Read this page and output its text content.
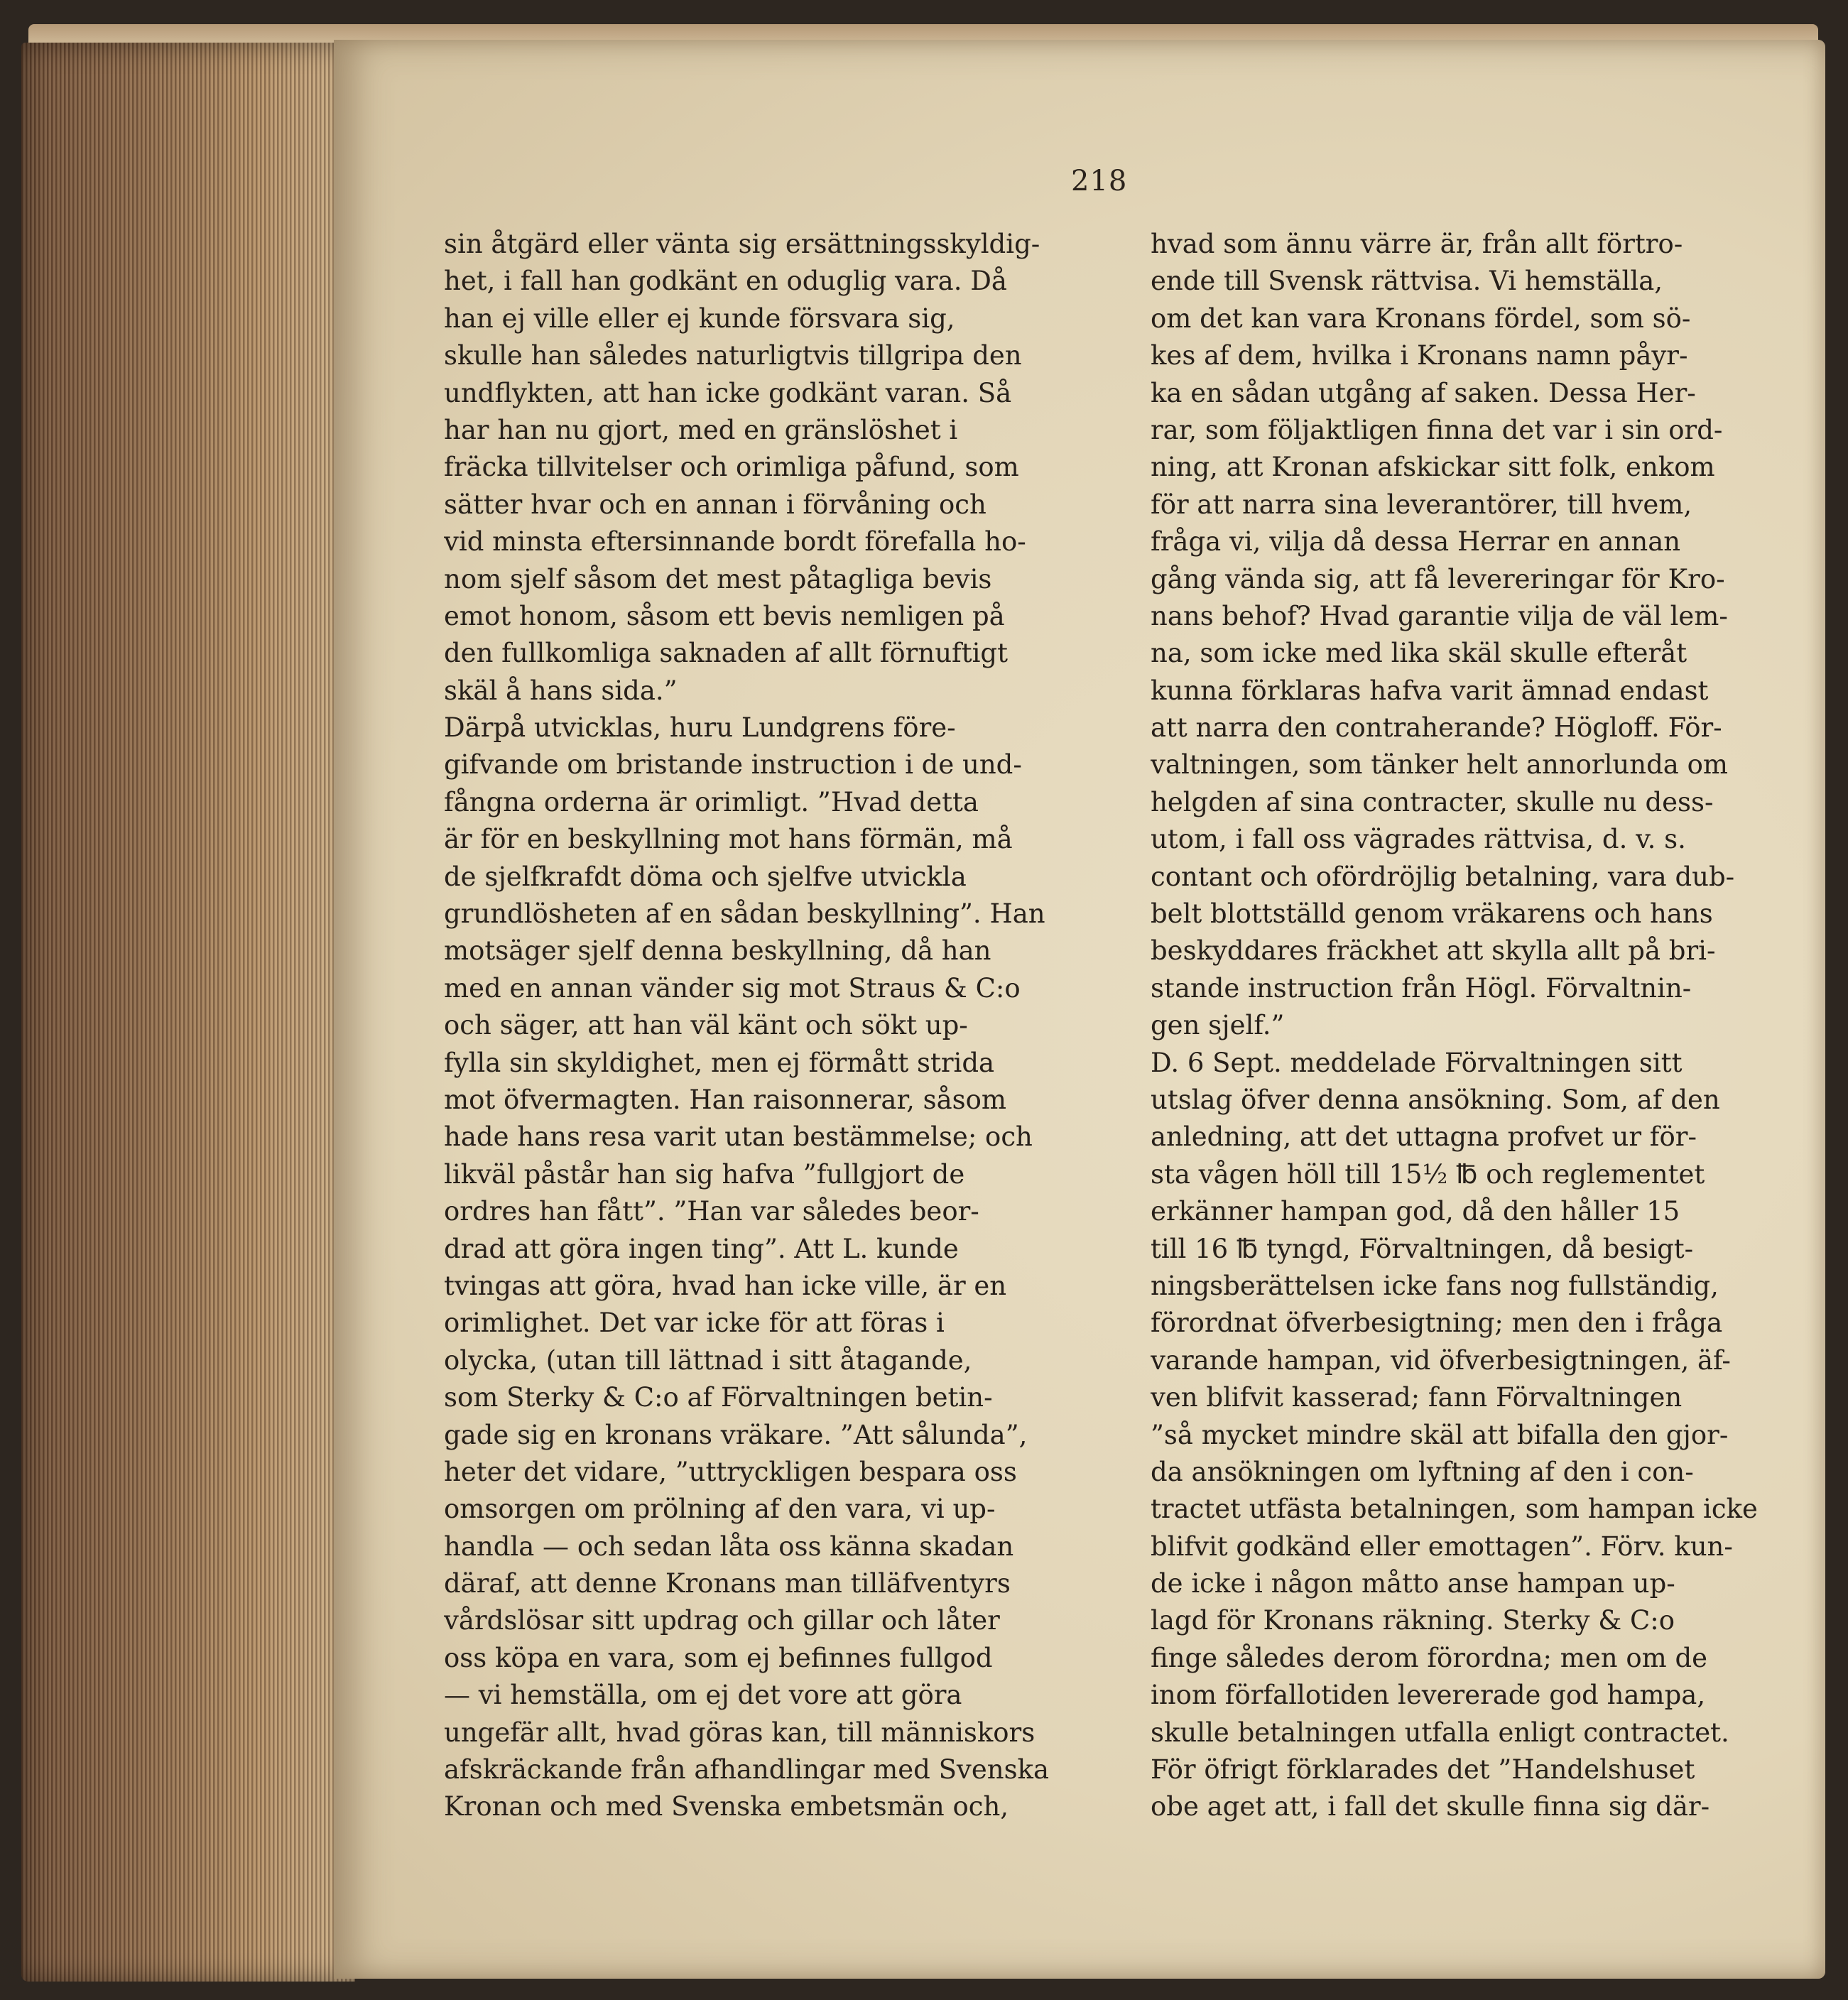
218
sin åtgärd eller vänta sig ersättningsskyldig-
het, i fall han godkänt en oduglig vara. Då
han ej ville eller ej kunde försvara sig,
skulle han således naturligtvis tillgripa den
undflykten, att han icke godkänt varan. Så
har han nu gjort, med en gränslöshet i
fräcka tillvitelser och orimliga påfund, som
sätter hvar och en annan i förvåning och
vid minsta eftersinnande bordt förefalla ho-
nom sjelf såsom det mest påtagliga bevis
emot honom, såsom ett bevis nemligen på
den fullkomliga saknaden af allt förnuftigt
skäl å hans sida.”
Därpå utvicklas, huru Lundgrens före-
gifvande om bristande instruction i de und-
fångna orderna är orimligt. ”Hvad detta
är för en beskyllning mot hans förmän, må
de sjelfkrafdt döma och sjelfve utvickla
grundlösheten af en sådan beskyllning”. Han
motsäger sjelf denna beskyllning, då han
med en annan vänder sig mot Straus & C:o
och säger, att han väl känt och sökt up-
fylla sin skyldighet, men ej förmått strida
mot öfvermagten. Han raisonnerar, såsom
hade hans resa varit utan bestämmelse; och
likväl påstår han sig hafva ”fullgjort de
ordres han fått”. ”Han var således beor-
drad att göra ingen ting”. Att L. kunde
tvingas att göra, hvad han icke ville, är en
orimlighet. Det var icke för att föras i
olycka, (utan till lättnad i sitt åtagande,
som Sterky & C:o af Förvaltningen betin-
gade sig en kronans vräkare. ”Att sålunda”,
heter det vidare, ”uttryckligen bespara oss
omsorgen om prölning af den vara, vi up-
handla — och sedan låta oss känna skadan
däraf, att denne Kronans man tilläfventyrs
vårdslösar sitt updrag och gillar och låter
oss köpa en vara, som ej befinnes fullgod
— vi hemställa, om ej det vore att göra
ungefär allt, hvad göras kan, till människors
afskräckande från afhandlingar med Svenska
Kronan och med Svenska embetsmän och,
hvad som ännu värre är, från allt förtro-
ende till Svensk rättvisa. Vi hemställa,
om det kan vara Kronans fördel, som sö-
kes af dem, hvilka i Kronans namn påyr-
ka en sådan utgång af saken. Dessa Her-
rar, som följaktligen finna det var i sin ord-
ning, att Kronan afskickar sitt folk, enkom
för att narra sina leverantörer, till hvem,
fråga vi, vilja då dessa Herrar en annan
gång vända sig, att få levereringar för Kro-
nans behof? Hvad garantie vilja de väl lem-
na, som icke med lika skäl skulle efteråt
kunna förklaras hafva varit ämnad endast
att narra den contraherande? Högloff. För-
valtningen, som tänker helt annorlunda om
helgden af sina contracter, skulle nu dess-
utom, i fall oss vägrades rättvisa, d. v. s.
contant och ofördröjlig betalning, vara dub-
belt blottställd genom vräkarens och hans
beskyddares fräckhet att skylla allt på bri-
stande instruction från Högl. Förvaltnin-
gen sjelf.”
D. 6 Sept. meddelade Förvaltningen sitt
utslag öfver denna ansökning. Som, af den
anledning, att det uttagna profvet ur för-
sta vågen höll till 15½ ℔ och reglementet
erkänner hampan god, då den håller 15
till 16 ℔ tyngd, Förvaltningen, då besigt-
ningsberättelsen icke fans nog fullständig,
förordnat öfverbesigtning; men den i fråga
varande hampan, vid öfverbesigtningen, äf-
ven blifvit kasserad; fann Förvaltningen
”så mycket mindre skäl att bifalla den gjor-
da ansökningen om lyftning af den i con-
tractet utfästa betalningen, som hampan icke
blifvit godkänd eller emottagen”. Förv. kun-
de icke i någon måtto anse hampan up-
lagd för Kronans räkning. Sterky & C:o
finge således derom förordna; men om de
inom förfallotiden levererade god hampa,
skulle betalningen utfalla enligt contractet.
För öfrigt förklarades det ”Handelshuset
obe aget att, i fall det skulle finna sig där-
